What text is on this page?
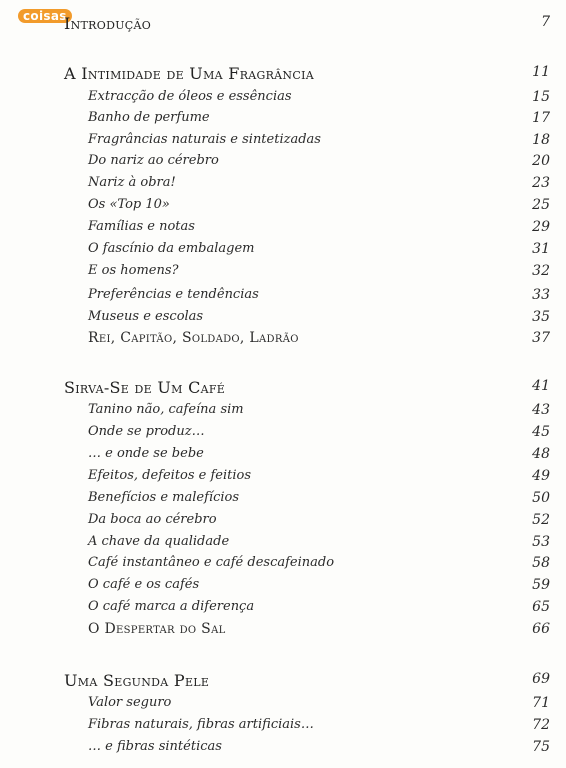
coisas
Introdução	7
A Intimidade de Uma Fragrância	11
Extracção de óleos e essências	15
Banho de perfume	17
Fragrâncias naturais e sintetizadas	18
Do nariz ao cérebro	20
Nariz à obra!	23
Os «Top 10»	25
Famílias e notas	29
O fascínio da embalagem	31
E os homens?	32
Preferências e tendências	33
Museus e escolas	35
Rei, Capitão, Soldado, Ladrão	37
Sirva-Se de Um Café	41
Tanino não, cafeína sim	43
Onde se produz…	45
… e onde se bebe	48
Efeitos, defeitos e feitios	49
Benefícios e malefícios	50
Da boca ao cérebro	52
A chave da qualidade	53
Café instantâneo e café descafeinado	58
O café e os cafés	59
O café marca a diferença	65
O Despertar do Sal	66
Uma Segunda Pele	69
Valor seguro	71
Fibras naturais, fibras artificiais…	72
… e fibras sintéticas	75
